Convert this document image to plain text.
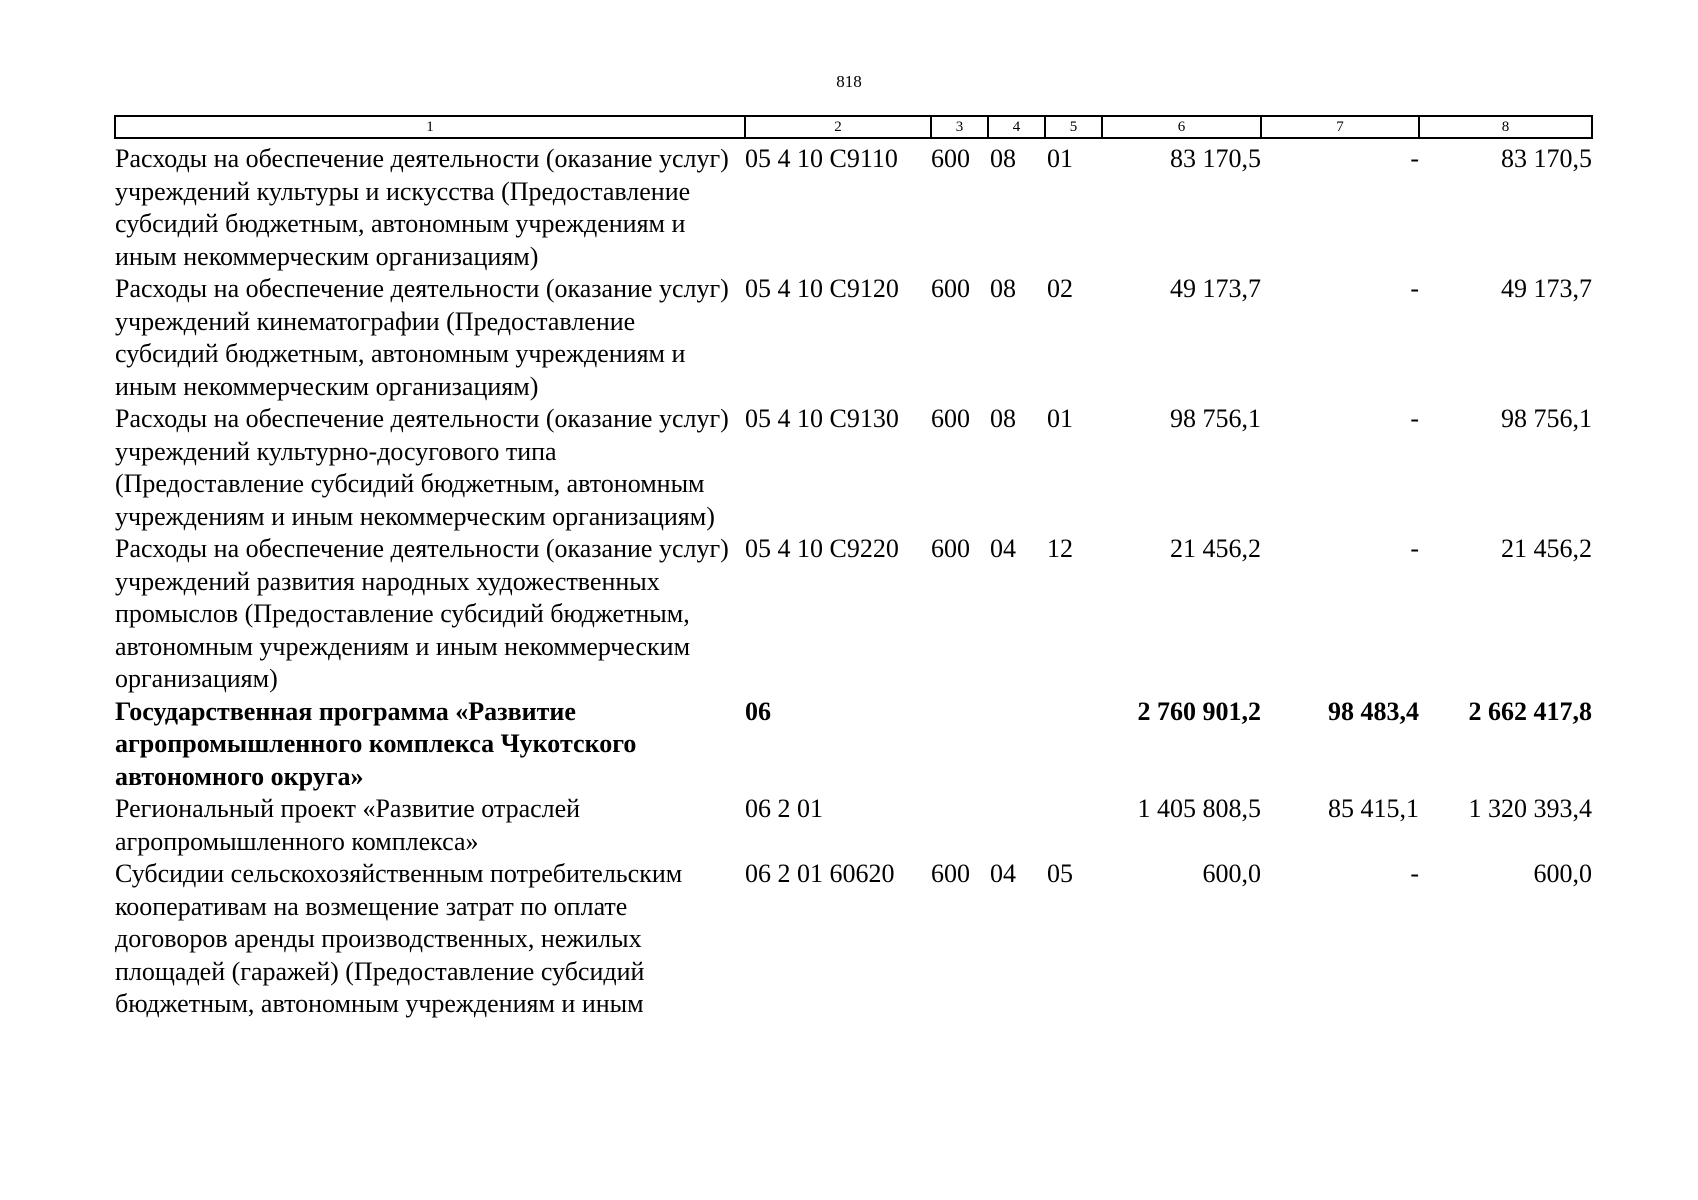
818
1	2	3	4	5	6	7	8
Расходы на обеспечение деятельности (оказание услуг) учреждений культуры и искусства (Предоставление субсидий бюджетным, автономным учреждениям и иным некоммерческим организациям)	05 4 10 С9110	600	08	01	83 170,5	-	83 170,5
Расходы на обеспечение деятельности (оказание услуг) учреждений кинематографии (Предоставление субсидий бюджетным, автономным учреждениям и иным некоммерческим организациям)	05 4 10 С9120	600	08	02	49 173,7	-	49 173,7
Расходы на обеспечение деятельности (оказание услуг) учреждений культурно-досугового типа (Предоставление субсидий бюджетным, автономным учреждениям и иным некоммерческим организациям)	05 4 10 С9130	600	08	01	98 756,1	-	98 756,1
Расходы на обеспечение деятельности (оказание услуг) учреждений развития народных художественных промыслов (Предоставление субсидий бюджетным, автономным учреждениям и иным некоммерческим организациям)	05 4 10 С9220	600	04	12	21 456,2	-	21 456,2
Государственная программа «Развитие агропромышленного комплекса Чукотского автономного округа»	06				2 760 901,2	98 483,4	2 662 417,8
Региональный проект «Развитие отраслей агропромышленного комплекса»	06 2 01				1 405 808,5	85 415,1	1 320 393,4
Субсидии сельскохозяйственным потребительским кооперативам на возмещение затрат по оплате договоров аренды производственных, нежилых площадей (гаражей) (Предоставление субсидий бюджетным, автономным учреждениям и иным	06 2 01 60620	600	04	05	600,0	-	600,0
